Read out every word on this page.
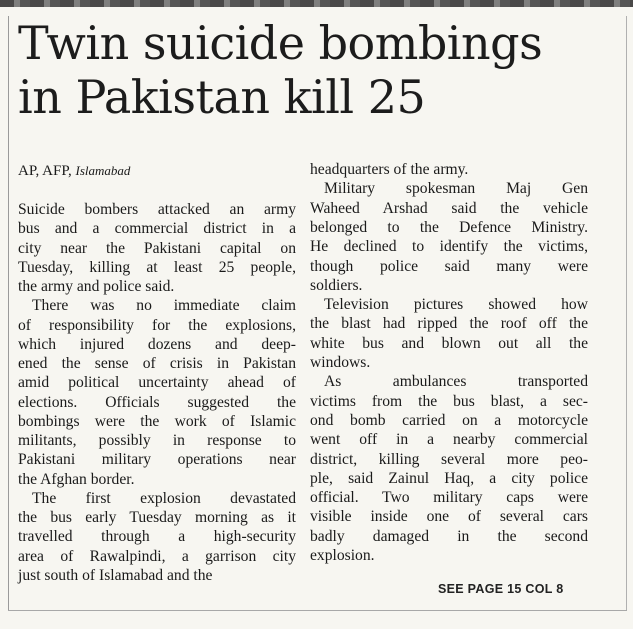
Twin suicide bombings
in Pakistan kill 25
AP, AFP, Islamabad
Suicide bombers attacked an army
bus and a commercial district in a
city near the Pakistani capital on
Tuesday, killing at least 25 people,
the army and police said.
There was no immediate claim
of responsibility for the explosions,
which injured dozens and deep-
ened the sense of crisis in Pakistan
amid political uncertainty ahead of
elections. Officials suggested the
bombings were the work of Islamic
militants, possibly in response to
Pakistani military operations near
the Afghan border.
The first explosion devastated
the bus early Tuesday morning as it
travelled through a high-security
area of Rawalpindi, a garrison city
just south of Islamabad and the
headquarters of the army.
Military spokesman Maj Gen
Waheed Arshad said the vehicle
belonged to the Defence Ministry.
He declined to identify the victims,
though police said many were
soldiers.
Television pictures showed how
the blast had ripped the roof off the
white bus and blown out all the
windows.
As ambulances transported
victims from the bus blast, a sec-
ond bomb carried on a motorcycle
went off in a nearby commercial
district, killing several more peo-
ple, said Zainul Haq, a city police
official. Two military caps were
visible inside one of several cars
badly damaged in the second
explosion.
SEE PAGE 15 COL 8
